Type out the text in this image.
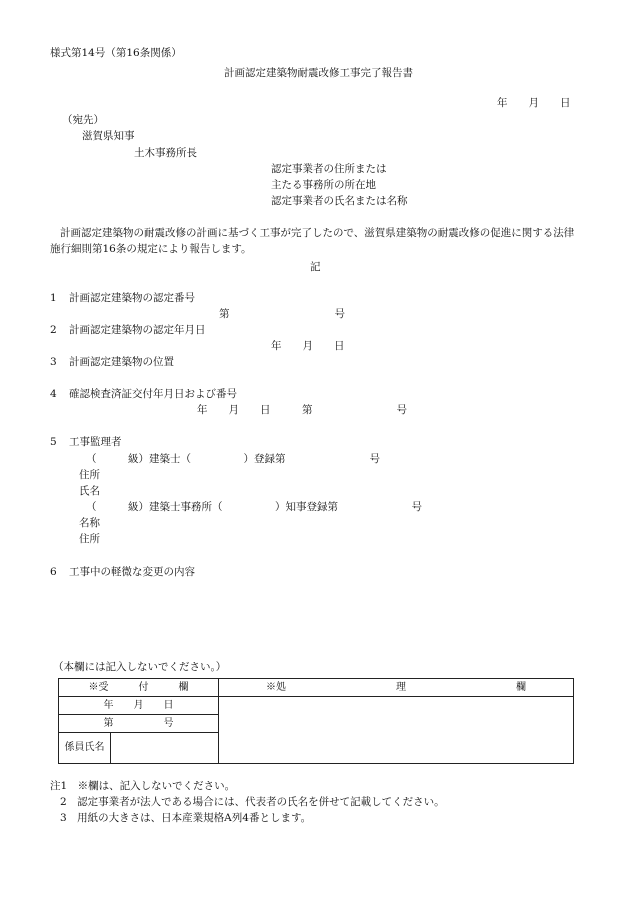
様式第14号（第16条関係）
計画認定建築物耐震改修工事完了報告書
年　　月　　日
（宛先）
滋賀県知事
土木事務所長
認定事業者の住所または
主たる事務所の所在地
認定事業者の氏名または名称
計画認定建築物の耐震改修の計画に基づく工事が完了したので、滋賀県建築物の耐震改修の促進に関する法律
施行細則第16条の規定により報告します。
記
1 計画認定建築物の認定番号
第　　　　　　　　　　号
2 計画認定建築物の認定年月日
年　　月　　日
3 計画認定建築物の位置
4 確認検査済証交付年月日および番号
年　　月　　日　　　第　　　　　　　　号
5 工事監理者
（　　　級）建築士（　　　　　）登録第　　　　　　　　号
住所
氏名
（　　　級）建築士事務所（　　　　　）知事登録第　　　　　　　号
名称
住所
6 工事中の軽微な変更の内容
（本欄には記入しないでください。）
※受　　　付　　　欄		※処　　　　　　　　　　　理　　　　　　　　　　　欄
年　　月　　日		
第　　　　　号		
係員氏名		
注1　※欄は、記入しないでください。
2　認定事業者が法人である場合には、代表者の氏名を併せて記載してください。
3　用紙の大きさは、日本産業規格A列4番とします。
